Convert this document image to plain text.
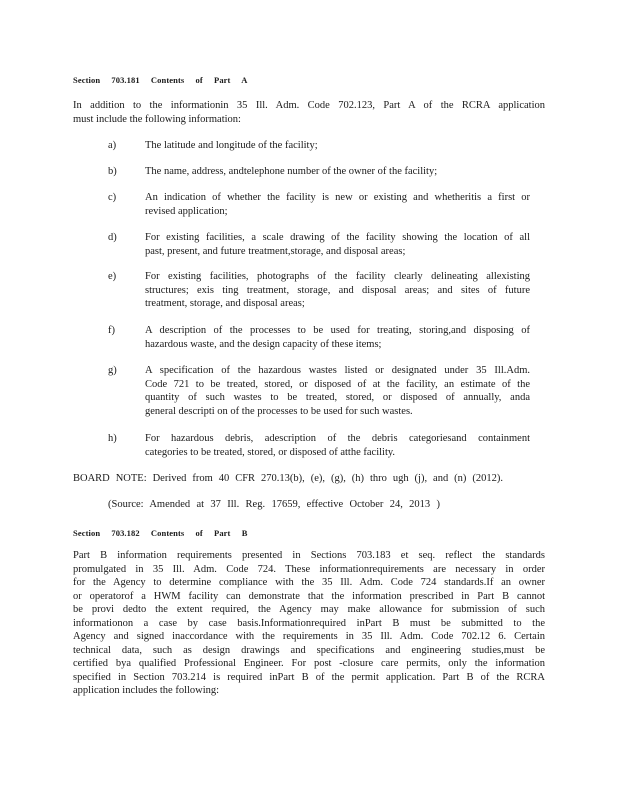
Section 703.181 Contents of Part A
In addition to the informationin 35 Ill. Adm. Code 702.123, Part A of the RCRA application
must include the following information:
a)	The latitude and longitude of the facility;
b)	The name, address, andtelephone number of the owner of the facility;
c)	An indication of whether the facility is new or existing and whetheritis a first or
revised application;
d)	For existing facilities, a scale drawing of the facility showing the location of all
past, present, and future treatment,storage, and disposal areas;
e)	For existing facilities, photographs of the facility clearly delineating allexisting
structures; exis ting treatment, storage, and disposal areas; and sites of future
treatment, storage, and disposal areas;
f)	A description of the processes to be used for treating, storing,and disposing of
hazardous waste, and the design capacity of these items;
g)	A specification of the hazardous wastes listed or designated under 35 Ill.Adm.
Code 721 to be treated, stored, or disposed of at the facility, an estimate of the
quantity of such wastes to be treated, stored, or disposed of annually, anda
general descripti on of the processes to be used for such wastes.
h)	For hazardous debris, adescription of the debris categoriesand containment
categories to be treated, stored, or disposed of atthe facility.
BOARD NOTE: Derived from 40 CFR 270.13(b), (e), (g), (h) thro ugh (j), and (n) (2012).
(Source: Amended at 37 Ill. Reg. 17659, effective October 24, 2013 )
Section 703.182 Contents of Part B
Part B information requirements presented in Sections 703.183 et seq. reflect the standards
promulgated in 35 Ill. Adm. Code 724. These informationrequirements are necessary in order
for the Agency to determine compliance with the 35 Ill. Adm. Code 724 standards.If an owner
or operatorof a HWM facility can demonstrate that the information prescribed in Part B cannot
be provi dedto the extent required, the Agency may make allowance for submission of such
informationon a case by case basis.Informationrequired inPart B must be submitted to the
Agency and signed inaccordance with the requirements in 35 Ill. Adm. Code 702.12 6. Certain
technical data, such as design drawings and specifications and engineering studies,must be
certified bya qualified Professional Engineer. For post -closure care permits, only the information
specified in Section 703.214 is required inPart B of the permit application. Part B of the RCRA
application includes the following:
